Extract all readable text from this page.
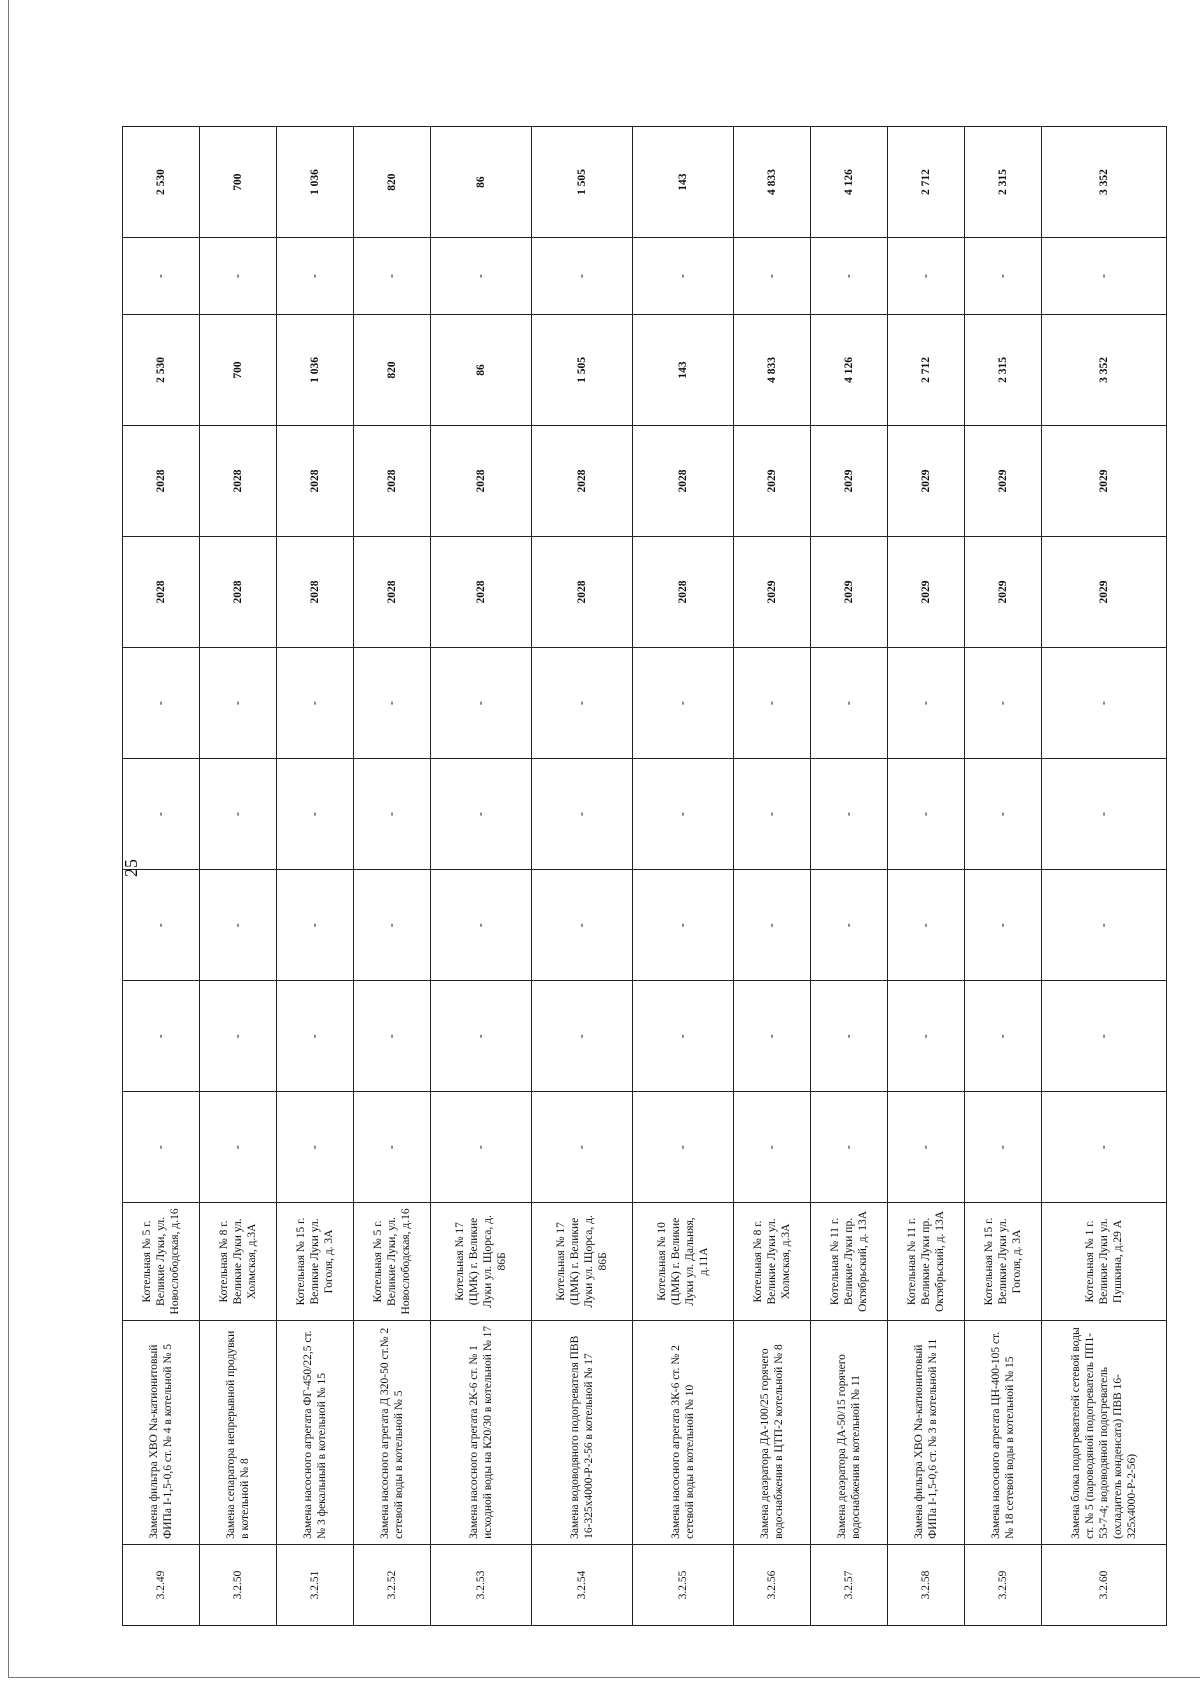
25
3.2.49	Замена фильтра ХВО Na-катионитовый ФИПа I-1,5-0,6 ст. № 4 в котельной № 5	Котельная № 5 г. Великие Луки, ул. Новослободская, д.16	-	-	-	-	-	2028	2028	2 530	-	2 530
3.2.50	Замена сепаратора непрерывной продувки в котельной № 8	Котельная № 8 г. Великие Луки ул. Холмская, д.3А	-	-	-	-	-	2028	2028	700	-	700
3.2.51	Замена насосного агрегата ФГ-450/22,5 ст. № 3 фекальный в котельной № 15	Котельная № 15 г. Великие Луки ул. Гоголя, д. 3А	-	-	-	-	-	2028	2028	1 036	-	1 036
3.2.52	Замена насосного агрегата Д 320-50 ст.№ 2 сетевой воды в котельной № 5	Котельная № 5 г. Великие Луки, ул. Новослободская, д.16	-	-	-	-	-	2028	2028	820	-	820
3.2.53	Замена насосного агрегата 2К-6 ст. № 1 исходной воды на К20/30 в котельной № 17	Котельная № 17 (ЦМК) г. Великие Луки ул. Щорса, д. 86Б	-	-	-	-	-	2028	2028	86	-	86
3.2.54	Замена водоводяного подогревателя ПВВ 16-325х4000-Р-2-56 в котельной № 17	Котельная № 17 (ЦМК) г. Великие Луки ул. Щорса, д. 86Б	-	-	-	-	-	2028	2028	1 505	-	1 505
3.2.55	Замена насосного агрегата 3К-6 ст. № 2 сетевой воды в котельной № 10	Котельная № 10 (ЦМК) г. Великие Луки ул. Дальняя, д.11А	-	-	-	-	-	2028	2028	143	-	143
3.2.56	Замена деаэратора ДА-100/25 горячего водоснабжения в ЦТП-2 котельной № 8	Котельная № 8 г. Великие Луки ул. Холмская, д.3А	-	-	-	-	-	2029	2029	4 833	-	4 833
3.2.57	Замена деаэратора ДА-50/15 горячего водоснабжения в котельной № 11	Котельная № 11 г. Великие Луки пр. Октябрьский, д. 13А	-	-	-	-	-	2029	2029	4 126	-	4 126
3.2.58	Замена фильтра ХВО Na-катионитовый ФИПа I-1,5-0,6 ст. № 3 в котельной № 11	Котельная № 11 г. Великие Луки пр. Октябрьский, д. 13А	-	-	-	-	-	2029	2029	2 712	-	2 712
3.2.59	Замена насосного агрегата ЦН-400-105 ст. № 18 сетевой воды в котельной № 15	Котельная № 15 г. Великие Луки ул. Гоголя, д. 3А	-	-	-	-	-	2029	2029	2 315	-	2 315
3.2.60	Замена блока подогревателей сетевой воды ст. № 5 (пароводяной подогреватель ПП1-53-7-4; водоводяной подогреватель (охладитель конденсата) ПВВ 16-325х4000-Р-2-56)	Котельная № 1 г. Великие Луки ул. Пушкина, д.29 А	-	-	-	-	-	2029	2029	3 352	-	3 352
